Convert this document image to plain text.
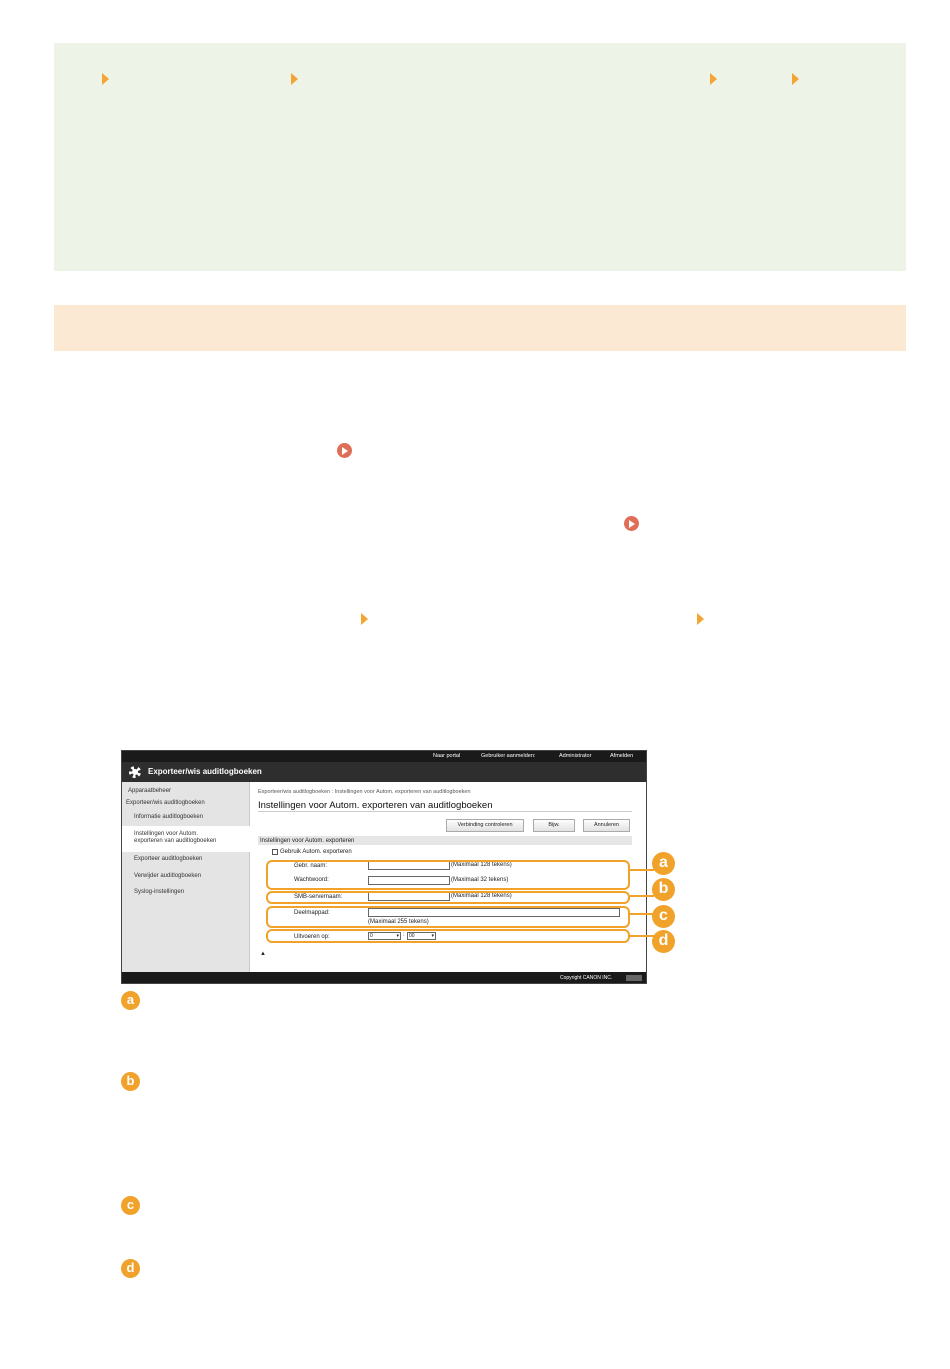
Naar portal	Gebruiker aanmelden:	Administrator	Afmelden
Exporteer/wis auditlogboeken
Apparaatbeheer
Exporteer/wis auditlogboeken
Informatie auditlogboeken
Instellingen voor Autom.
exporteren van auditlogboeken
Exporteer auditlogboeken
Verwijder auditlogboeken
Syslog-instellingen
Exporteer/wis auditlogboeken : Instellingen voor Autom. exporteren van auditlogboeken
Instellingen voor Autom. exporteren van auditlogboeken
Verbinding controleren	Bijw.	Annuleren
Instellingen voor Autom. exporteren
Gebruik Autom. exporteren
Gebr. naam:	(Maximaal 128 tekens)
Wachtwoord:	(Maximaal 32 tekens)
SMB-servernaam:	(Maximaal 128 tekens)
Deelmappad:
(Maximaal 255 tekens)
Uitvoeren op:	0	▾ : 00	▾
▲
Copyright CANON INC.
a
b
c
d
a
b
c
d
